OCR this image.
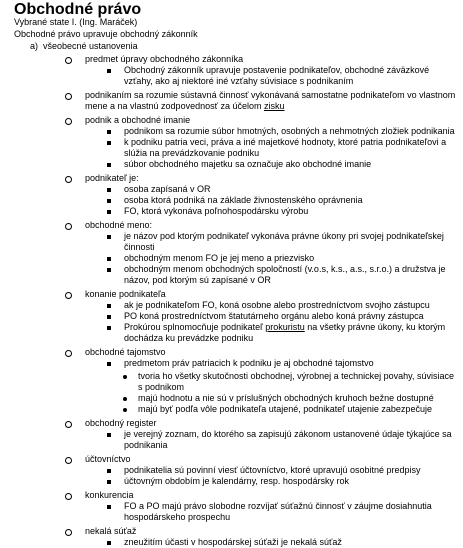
Obchodné právo
Vybrané state I. (Ing. Maráček)
Obchodné právo upravuje obchodný zákonník
a) všeobecné ustanovenia
predmet úpravy obchodného zákonníka
Obchodný zákonník upravuje postavenie podnikateľov, obchodné záväzkové vzťahy, ako aj niektoré iné vzťahy súvisiace s podnikaním
podnikaním sa rozumie sústavná činnosť vykonávaná samostatne podnikateľom vo vlastnom mene a na vlastnú zodpovednosť za účelom zisku
podnik a obchodné imanie
podnikom sa rozumie súbor hmotných, osobných a nehmotných zložiek podnikania
k podniku patria veci, práva a iné majetkové hodnoty, ktoré patria podnikateľovi a slúžia na prevádzkovanie podniku
súbor obchodného majetku sa označuje ako obchodné imanie
podnikateľ je:
osoba zapísaná v OR
osoba ktorá podniká na základe živnostenského oprávnenia
FO, ktorá vykonáva poľnohospodársku výrobu
obchodné meno:
je názov pod ktorým podnikateľ vykonáva právne úkony pri svojej podnikateľskej činnosti
obchodným menom FO je jej meno a priezvisko
obchodným menom obchodných spoločností (v.o.s, k.s., a.s., s.r.o.) a družstva je názov, pod ktorým sú zapísané v OR
konanie podnikateľa
ak je podnikateľom FO, koná osobne alebo prostredníctvom svojho zástupcu
PO koná prostredníctvom štatutárneho orgánu alebo koná právny zástupca
Prokúrou splnomocňuje podnikateľ prokuristu na všetky právne úkony, ku ktorým dochádza ku prevádzke podniku
obchodné tajomstvo
predmetom práv patriacich k podniku je aj obchodné tajomstvo
tvoria ho všetky skutočnosti obchodnej, výrobnej a technickej povahy, súvisiace s podnikom
majú hodnotu a nie sú v príslušných obchodných kruhoch bežne dostupné
majú byť podľa vôle podnikateľa utajené, podnikateľ utajenie zabezpečuje
obchodný register
je verejný zoznam, do ktorého sa zapisujú zákonom ustanovené údaje týkajúce sa podnikania
účtovníctvo
podnikatelia sú povinní viesť účtovníctvo, ktoré upravujú osobitné predpisy
účtovným obdobím je kalendárny, resp. hospodársky rok
konkurencia
FO a PO majú právo slobodne rozvíjať súťažnú činnosť v záujme dosiahnutia hospodárskeho prospechu
nekalá súťaž
zneužitím účasti v hospodárskej súťaži je nekalá súťaž
